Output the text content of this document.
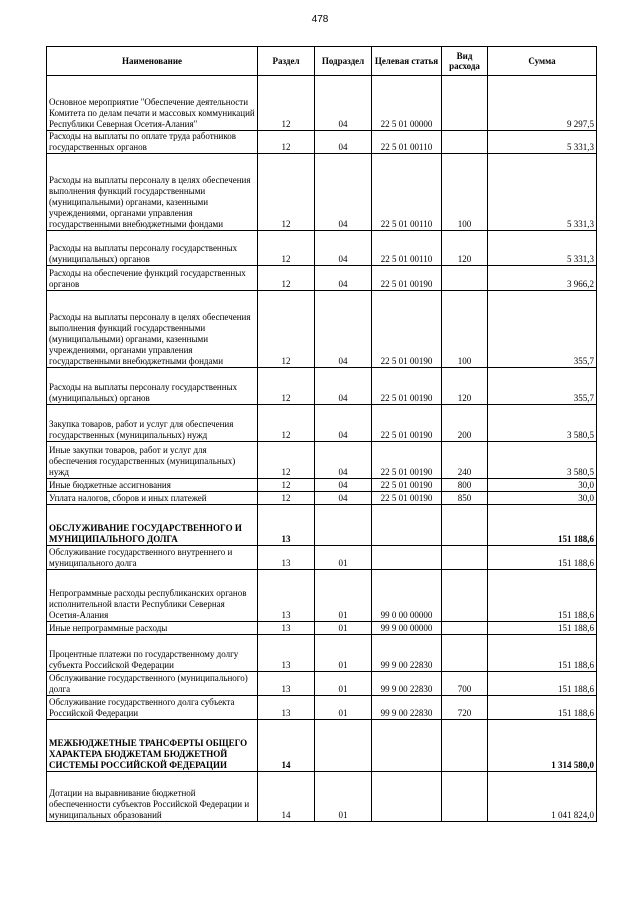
478
Наименование	Раздел	Подраздел	Целевая статья	Вид расхода	Сумма
Основное мероприятие "Обеспечение деятельности Комитета по делам печати и массовых коммуникаций Республики Северная Осетия-Алания"	12	04	22 5 01 00000		9 297,5
Расходы на выплаты по оплате труда работников государственных органов	12	04	22 5 01 00110		5 331,3
Расходы на выплаты персоналу в целях обеспечения выполнения функций государственными (муниципальными) органами, казенными учреждениями, органами управления государственными внебюджетными фондами	12	04	22 5 01 00110	100	5 331,3
Расходы на выплаты персоналу государственных (муниципальных) органов	12	04	22 5 01 00110	120	5 331,3
Расходы на обеспечение функций государственных органов	12	04	22 5 01 00190		3 966,2
Расходы на выплаты персоналу в целях обеспечения выполнения функций государственными (муниципальными) органами, казенными учреждениями, органами управления государственными внебюджетными фондами	12	04	22 5 01 00190	100	355,7
Расходы на выплаты персоналу государственных (муниципальных) органов	12	04	22 5 01 00190	120	355,7
Закупка товаров, работ и услуг для обеспечения государственных (муниципальных) нужд	12	04	22 5 01 00190	200	3 580,5
Иные закупки товаров, работ и услуг для обеспечения государственных (муниципальных) нужд	12	04	22 5 01 00190	240	3 580,5
Иные бюджетные ассигнования	12	04	22 5 01 00190	800	30,0
Уплата налогов, сборов и иных платежей	12	04	22 5 01 00190	850	30,0
ОБСЛУЖИВАНИЕ ГОСУДАРСТВЕННОГО И МУНИЦИПАЛЬНОГО ДОЛГА	13				151 188,6
Обслуживание государственного внутреннего и муниципального долга	13	01			151 188,6
Непрограммные расходы республиканских органов исполнительной власти Республики Северная Осетия-Алания	13	01	99 0 00 00000		151 188,6
Иные непрограммные расходы	13	01	99 9 00 00000		151 188,6
Процентные платежи по государственному долгу субъекта Российской Федерации	13	01	99 9 00 22830		151 188,6
Обслуживание государственного (муниципального) долга	13	01	99 9 00 22830	700	151 188,6
Обслуживание государственного долга субъекта Российской Федерации	13	01	99 9 00 22830	720	151 188,6
МЕЖБЮДЖЕТНЫЕ ТРАНСФЕРТЫ ОБЩЕГО ХАРАКТЕРА БЮДЖЕТАМ БЮДЖЕТНОЙ СИСТЕМЫ РОССИЙСКОЙ ФЕДЕРАЦИИ	14				1 314 580,0
Дотации на выравнивание бюджетной обеспеченности субъектов Российской Федерации и муниципальных образований	14	01			1 041 824,0
